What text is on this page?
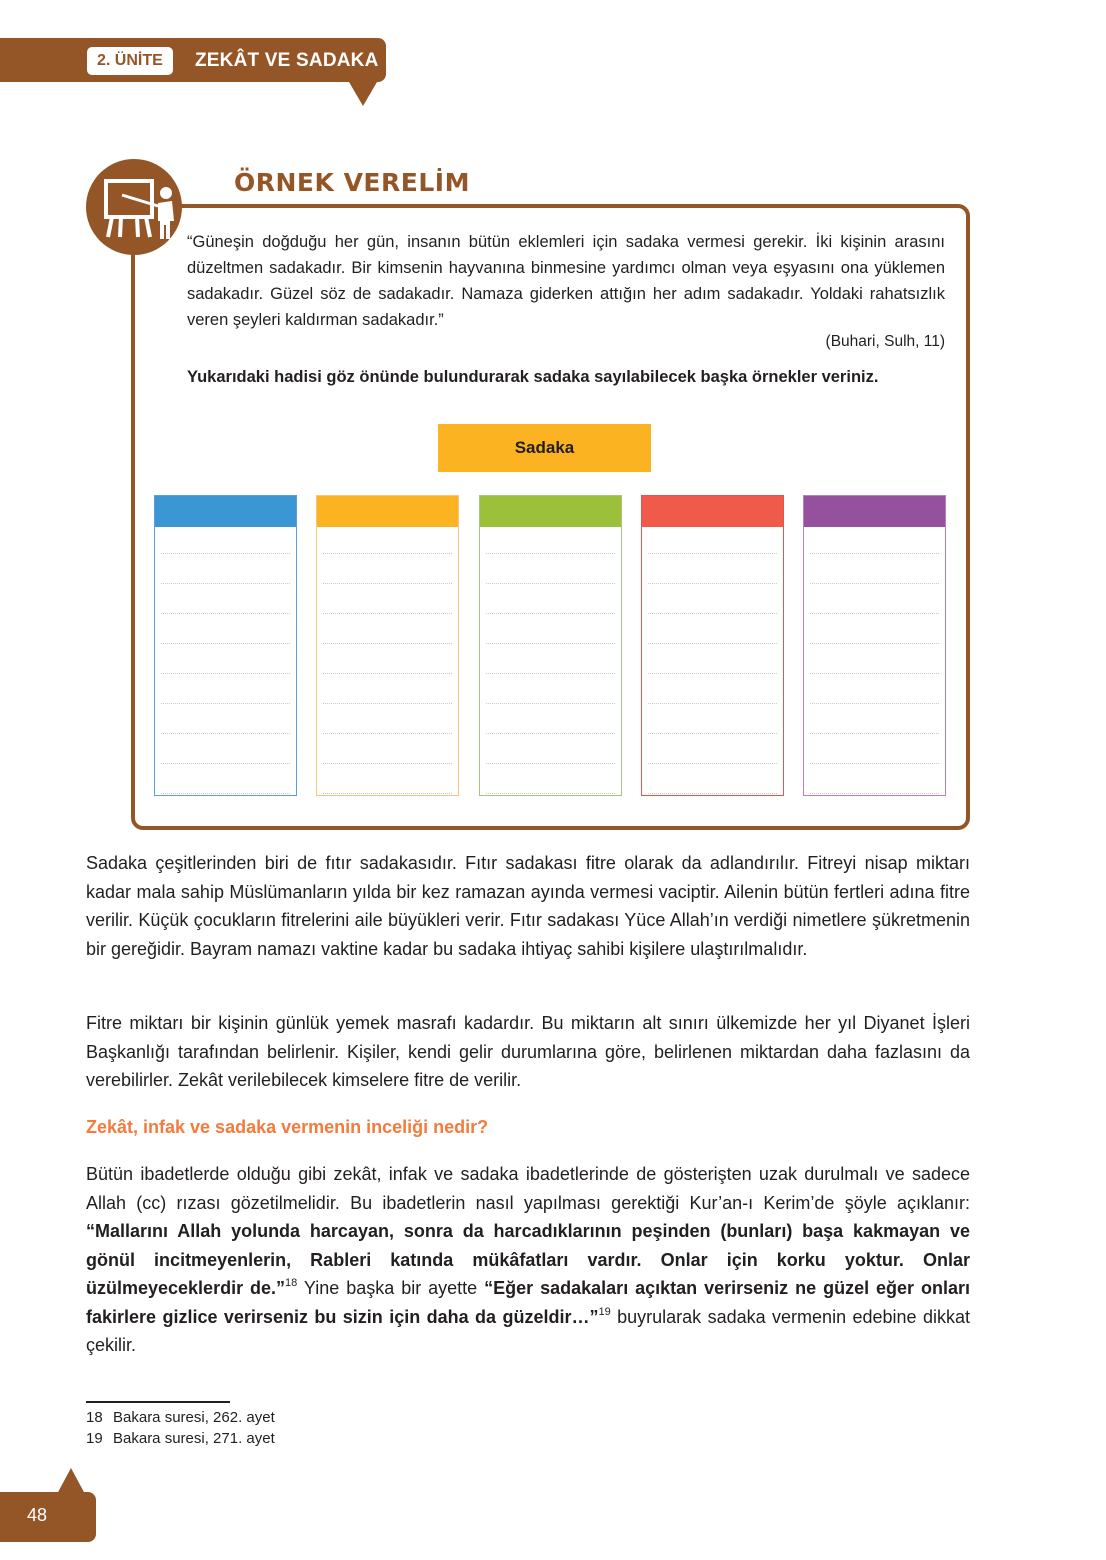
2. ÜNİTE	ZEKÂT VE SADAKA
ÖRNEK VERELİM
“Güneşin doğduğu her gün, insanın bütün eklemleri için sadaka vermesi gerekir. İki kişinin arasını düzeltmen sadakadır. Bir kimsenin hayvanına binmesine yardımcı olman veya eşyasını ona yüklemen sadakadır. Güzel söz de sadakadır. Namaza giderken attığın her adım sadakadır. Yoldaki rahatsızlık veren şeyleri kaldırman sadakadır.”
(Buhari, Sulh, 11)
Yukarıdaki hadisi göz önünde bulundurarak sadaka sayılabilecek başka örnekler veriniz.
Sadaka

Sadaka çeşitlerinden biri de fıtır sadakasıdır. Fıtır sadakası fitre olarak da adlandırılır. Fitreyi nisap miktarı kadar mala sahip Müslümanların yılda bir kez ramazan ayında vermesi vaciptir. Ailenin bütün fertleri adına fitre verilir. Küçük çocukların fitrelerini aile büyükleri verir. Fıtır sadakası Yüce Allah’ın verdiği nimetlere şükretmenin bir gereğidir. Bayram namazı vaktine kadar bu sadaka ihtiyaç sahibi kişilere ulaştırılmalıdır.

Fitre miktarı bir kişinin günlük yemek masrafı kadardır. Bu miktarın alt sınırı ülkemizde her yıl Diyanet İşleri Başkanlığı tarafından belirlenir. Kişiler, kendi gelir durumlarına göre, belirlenen miktardan daha fazlasını da verebilirler. Zekât verilebilecek kimselere fitre de verilir.

Zekât, infak ve sadaka vermenin inceliği nedir?

Bütün ibadetlerde olduğu gibi zekât, infak ve sadaka ibadetlerinde de gösterişten uzak durulmalı ve sadece Allah (cc) rızası gözetilmelidir. Bu ibadetlerin nasıl yapılması gerektiği Kur’an-ı Kerim’de şöyle açıklanır: “Mallarını Allah yolunda harcayan, sonra da harcadıklarının peşinden (bunları) başa kakmayan ve gönül incitmeyenlerin, Rableri katında mükâfatları vardır. Onlar için korku yoktur. Onlar üzülmeyeceklerdir de.”$^{18}$ Yine başka bir ayette “Eğer sadakaları açıktan verirseniz ne güzel eğer onları fakirlere gizlice verirseniz bu sizin için daha da güzeldir…”$^{19}$ buyrularak sadaka vermenin edebine dikkat çekilir.

18 Bakara suresi, 262. ayet
19 Bakara suresi, 271. ayet
48
